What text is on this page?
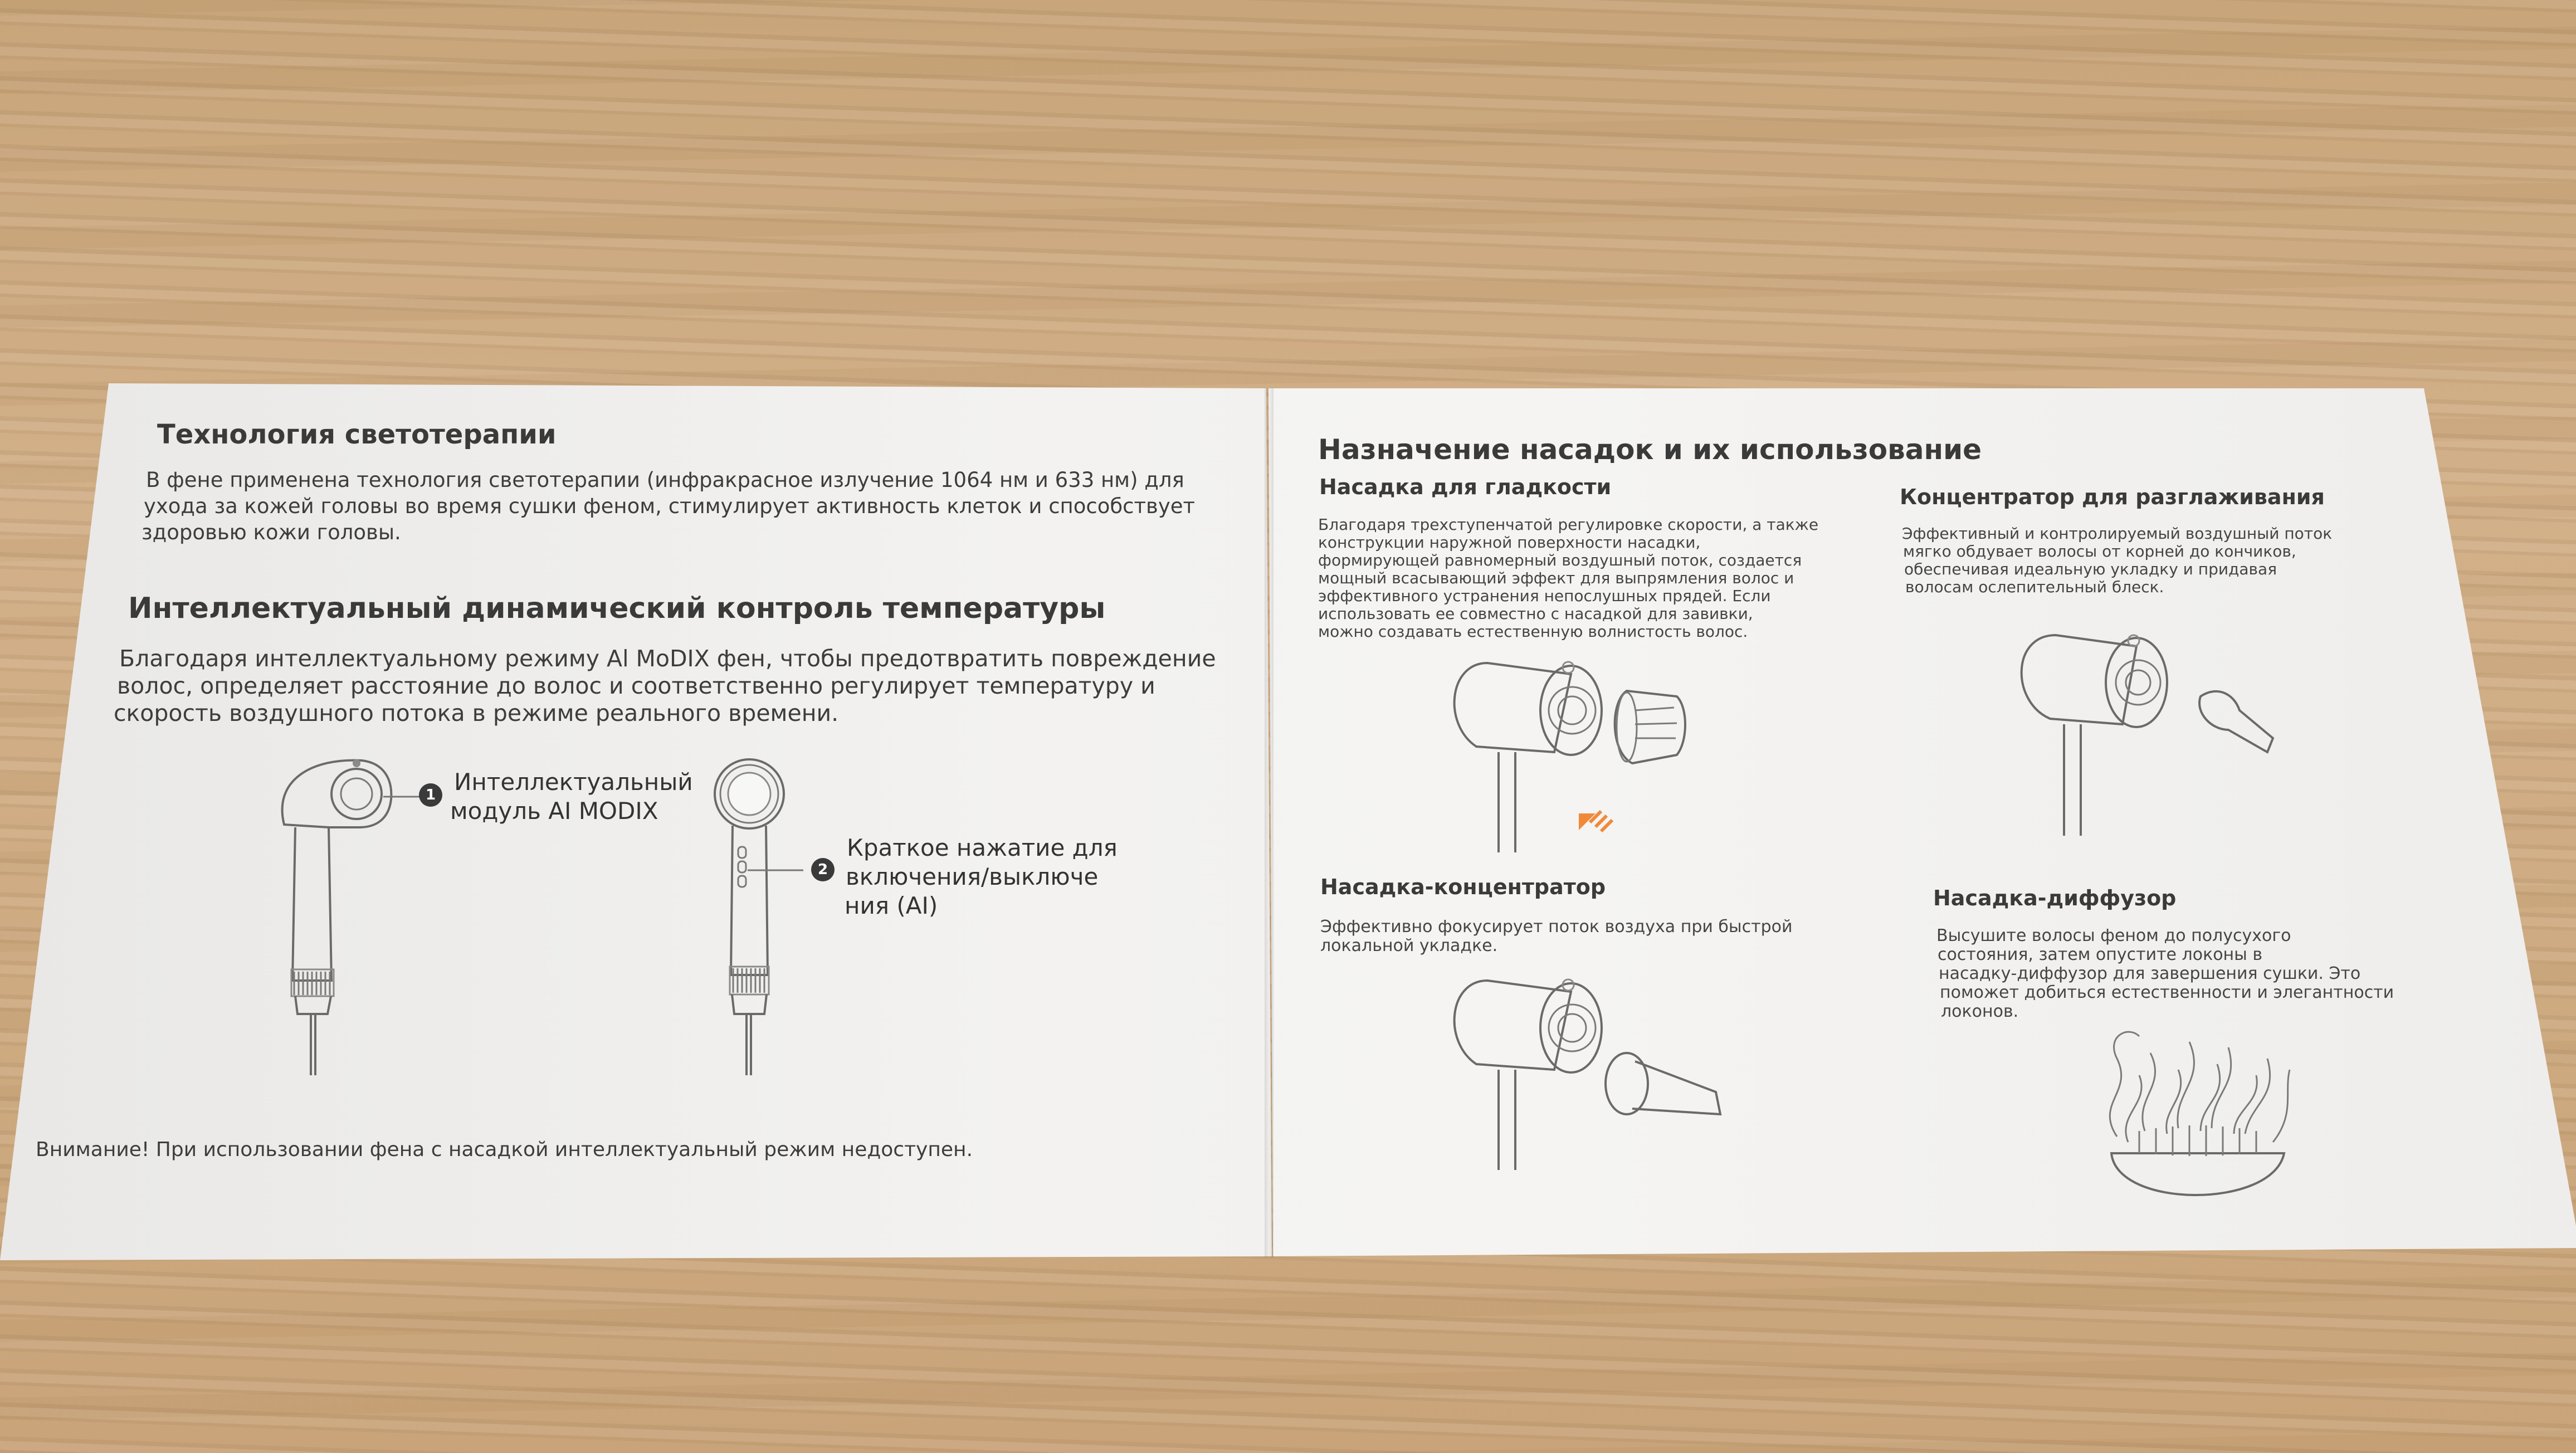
Технология светотерапии
В фене применена технология светотерапии (инфракрасное излучение 1064 нм и 633 нм) для
ухода за кожей головы во время сушки феном, стимулирует активность клеток и способствует
здоровью кожи головы.
Интеллектуальный динамический контроль температуры
Благодаря интеллектуальному режиму Al MoDIX фен, чтобы предотвратить повреждение
волос, определяет расстояние до волос и соответственно регулирует температуру и
скорость воздушного потока в режиме реального времени.
1 Интеллектуальный
модуль AI MODIX
2
Краткое нажатие для
включения/выключе
ния (AI)
Внимание! При использовании фена с насадкой интеллектуальный режим недоступен.
Назначение насадок и их использование
Насадка для гладкости
Благодаря трехступенчатой регулировке скорости, а также
конструкции наружной поверхности насадки,
формирующей равномерный воздушный поток, создается
мощный всасывающий эффект для выпрямления волос и
эффективного устранения непослушных прядей. Если
использовать ее совместно с насадкой для завивки,
можно создавать естественную волнистость волос.
Концентратор для разглаживания
Эффективный и контролируемый воздушный поток
мягко обдувает волосы от корней до кончиков,
обеспечивая идеальную укладку и придавая
волосам ослепительный блеск.
Насадка-концентратор
Эффективно фокусирует поток воздуха при быстрой
локальной укладке.
Насадка-диффузор
Высушите волосы феном до полусухого
состояния, затем опустите локоны в
насадку-диффузор для завершения сушки. Это
поможет добиться естественности и элегантности
локонов.
